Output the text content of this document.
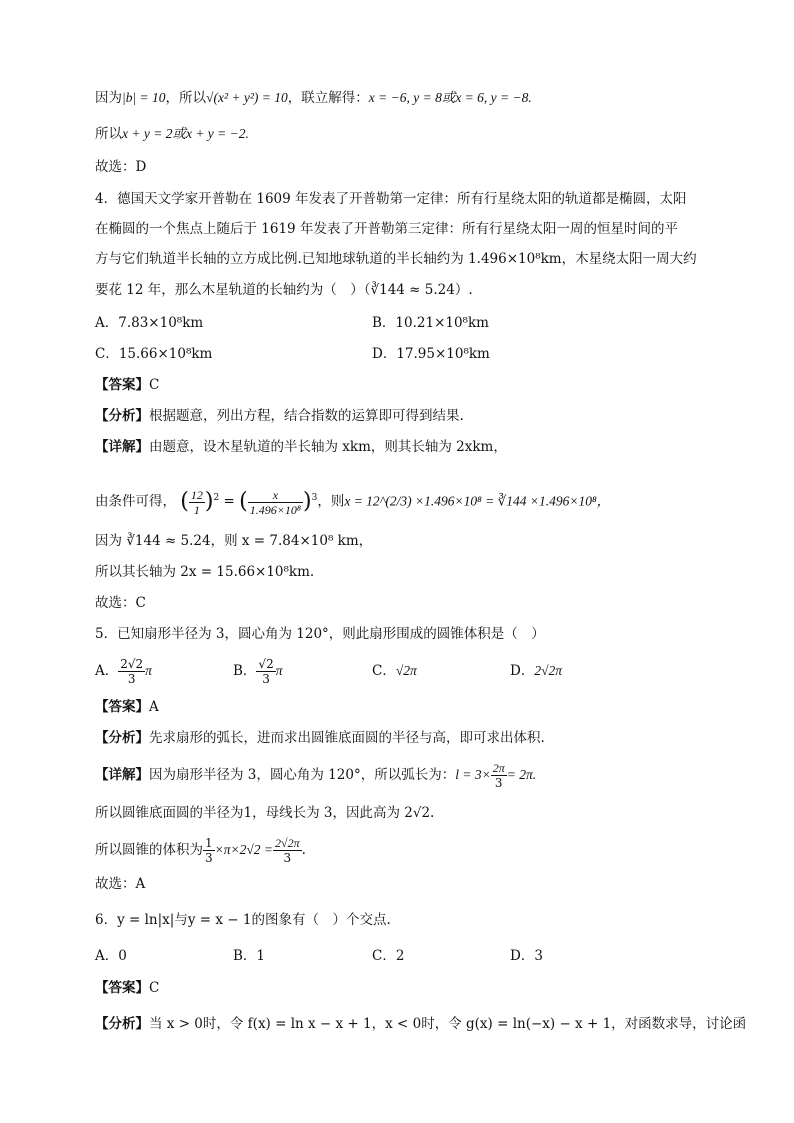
因为|b| = 10，所以√(x² + y²) = 10，联立解得：x = −6, y = 8或x = 6, y = −8.
所以x + y = 2或x + y = −2.
故选：D
4．德国天文学家开普勒在 1609 年发表了开普勒第一定律：所有行星绕太阳的轨道都是椭圆，太阳
在椭圆的一个焦点上随后于 1619 年发表了开普勒第三定律：所有行星绕太阳一周的恒星时间的平
方与它们轨道半长轴的立方成比例.已知地球轨道的半长轴约为 1.496×10⁸km，木星绕太阳一周大约
要花 12 年，那么木星轨道的长轴约为（　）（∛144 ≈ 5.24）.
A．7.83×10⁸km	B．10.21×10⁸km
C．15.66×10⁸km	D．17.95×10⁸km
【答案】C
【分析】根据题意，列出方程，结合指数的运算即可得到结果.
【详解】由题意，设木星轨道的半长轴为 xkm，则其长轴为 2xkm，
由条件可得， ( $\frac{12}{1} )^2$ = ( $\frac{x}{\text{1.496×10⁸}} )^3$，则x = 12^(2/3) ×1.496×10⁸ = ∛144 ×1.496×10⁸，
因为 ∛144 ≈ 5.24，则 x = 7.84×10⁸ km，
所以其长轴为 2x = 15.66×10⁸km.
故选：C
5．已知扇形半径为 3，圆心角为 120°，则此扇形围成的圆锥体积是（　）
A． $\frac{2√2}{3}$ π	B． $\frac{√2}{3}$ π	C．√2π	D．2√2π
【答案】A
【分析】先求扇形的弧长，进而求出圆锥底面圆的半径与高，即可求出体积.
【详解】因为扇形半径为 3，圆心角为 120°，所以弧长为：$l = 3\times \frac{2\pi}{3} = 2\pi$.
所以圆锥底面圆的半径为1，母线长为 3，因此高为 2√2.
所以圆锥的体积为 $\frac{1}{3} \times\pi\times 2√2 = \frac{2√2\pi}{3}$ .
故选：A
6．y = ln|x|与y = x − 1的图象有（　）个交点.
A．0	B．1	C．2	D．3
【答案】C
【分析】当 x > 0时，令 f(x) = ln x − x + 1，x < 0时，令 g(x) = ln(−x) − x + 1，对函数求导，讨论函
